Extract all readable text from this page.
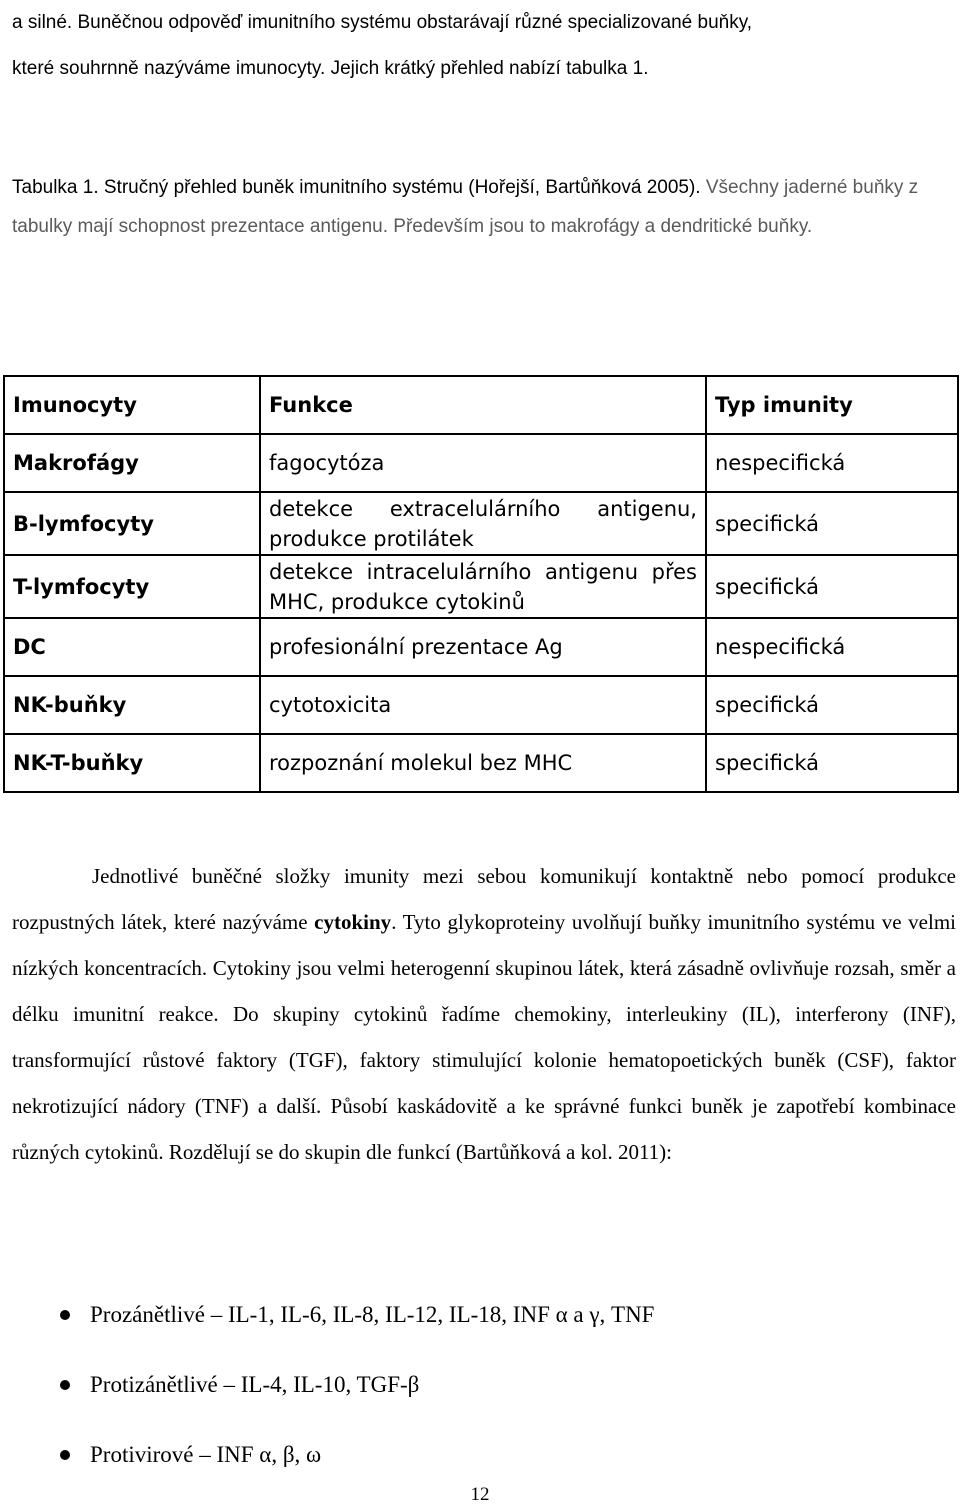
a silné. Buněčnou odpověď imunitního systému obstarávají různé specializované buňky,
které souhrnně nazýváme imunocyty. Jejich krátký přehled nabízí tabulka 1.
Tabulka 1. Stručný přehled buněk imunitního systému (Hořejší, Bartůňková 2005). Všechny jaderné buňky z tabulky mají schopnost prezentace antigenu. Především jsou to makrofágy a dendritické buňky.
Imunocyty	Funkce	Typ imunity
Makrofágy	fagocytóza	nespecifická
B-lymfocyty	detekce extracelulárního antigenu, produkce protilátek	specifická
T-lymfocyty	detekce intracelulárního antigenu přes MHC, produkce cytokinů	specifická
DC	profesionální prezentace Ag	nespecifická
NK-buňky	cytotoxicita	specifická
NK-T-buňky	rozpoznání molekul bez MHC	specifická
Jednotlivé buněčné složky imunity mezi sebou komunikují kontaktně nebo pomocí produkce rozpustných látek, které nazýváme cytokiny. Tyto glykoproteiny uvolňují buňky imunitního systému ve velmi nízkých koncentracích. Cytokiny jsou velmi heterogenní skupinou látek, která zásadně ovlivňuje rozsah, směr a délku imunitní reakce. Do skupiny cytokinů řadíme chemokiny, interleukiny (IL), interferony (INF), transformující růstové faktory (TGF), faktory stimulující kolonie hematopoetických buněk (CSF), faktor nekrotizující nádory (TNF) a další. Působí kaskádovitě a ke správné funkci buněk je zapotřebí kombinace různých cytokinů. Rozdělují se do skupin dle funkcí (Bartůňková a kol. 2011):
Prozánětlivé – IL-1, IL-6, IL-8, IL-12, IL-18, INF α a γ, TNF
Protizánětlivé – IL-4, IL-10, TGF-β
Protivirové – INF α, β, ω
12
